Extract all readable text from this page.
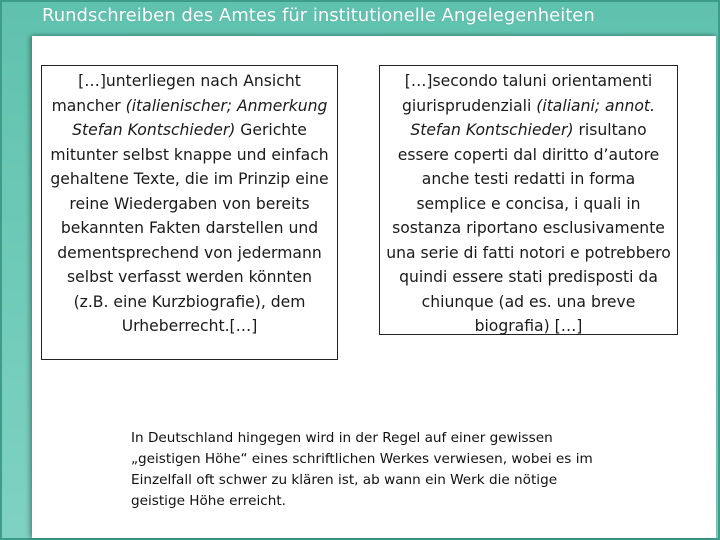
Rundschreiben des Amtes für institutionelle Angelegenheiten
[…]unterliegen nach Ansicht mancher (italienischer; Anmerkung Stefan Kontschieder) Gerichte mitunter selbst knappe und einfach gehaltene Texte, die im Prinzip eine reine Wiedergaben von bereits bekannten Fakten darstellen und dementsprechend von jedermann selbst verfasst werden könnten (z.B. eine Kurzbiografie), dem Urheberrecht.[…]
[…]secondo taluni orientamenti giurisprudenziali (italiani; annot. Stefan Kontschieder) risultano essere coperti dal diritto d’autore anche testi redatti in forma semplice e concisa, i quali in sostanza riportano esclusivamente una serie di fatti notori e potrebbero quindi essere stati predisposti da chiunque (ad es. una breve biografia) […]
In Deutschland hingegen wird in der Regel auf einer gewissen „geistigen Höhe“ eines schriftlichen Werkes verwiesen, wobei es im Einzelfall oft schwer zu klären ist, ab wann ein Werk die nötige geistige Höhe erreicht.
